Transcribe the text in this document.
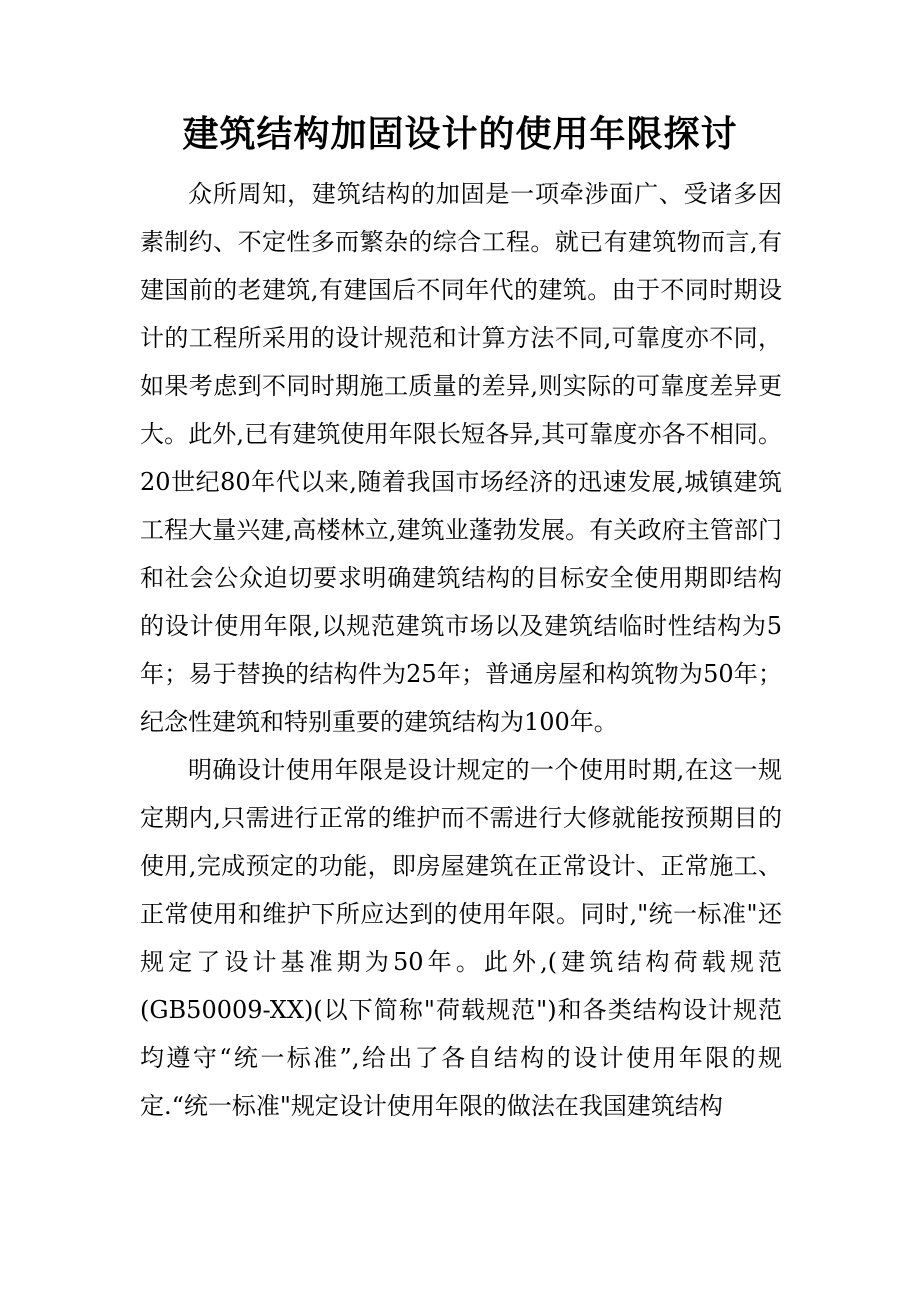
建筑结构加固设计的使用年限探讨

众所周知，建筑结构的加固是一项牵涉面广、受诸多因素制约、不定性多而繁杂的综合工程。就已有建筑物而言,有建国前的老建筑,有建国后不同年代的建筑。由于不同时期设计的工程所采用的设计规范和计算方法不同,可靠度亦不同，如果考虑到不同时期施工质量的差异,则实际的可靠度差异更大。此外,已有建筑使用年限长短各异,其可靠度亦各不相同。20世纪80年代以来,随着我国市场经济的迅速发展,城镇建筑工程大量兴建,高楼林立,建筑业蓬勃发展。有关政府主管部门和社会公众迫切要求明确建筑结构的目标安全使用期即结构的设计使用年限,以规范建筑市场以及建筑结临时性结构为5年；易于替换的结构件为25年；普通房屋和构筑物为50年；纪念性建筑和特别重要的建筑结构为100年。

明确设计使用年限是设计规定的一个使用时期,在这一规定期内,只需进行正常的维护而不需进行大修就能按预期目的使用,完成预定的功能，即房屋建筑在正常设计、正常施工、正常使用和维护下所应达到的使用年限。同时,"统一标准"还规定了设计基准期为50年。此外,(建筑结构荷载规范(GB50009-XX)(以下简称"荷载规范")和各类结构设计规范均遵守“统一标准”,给出了各自结构的设计使用年限的规定.“统一标准"规定设计使用年限的做法在我国建筑结构
